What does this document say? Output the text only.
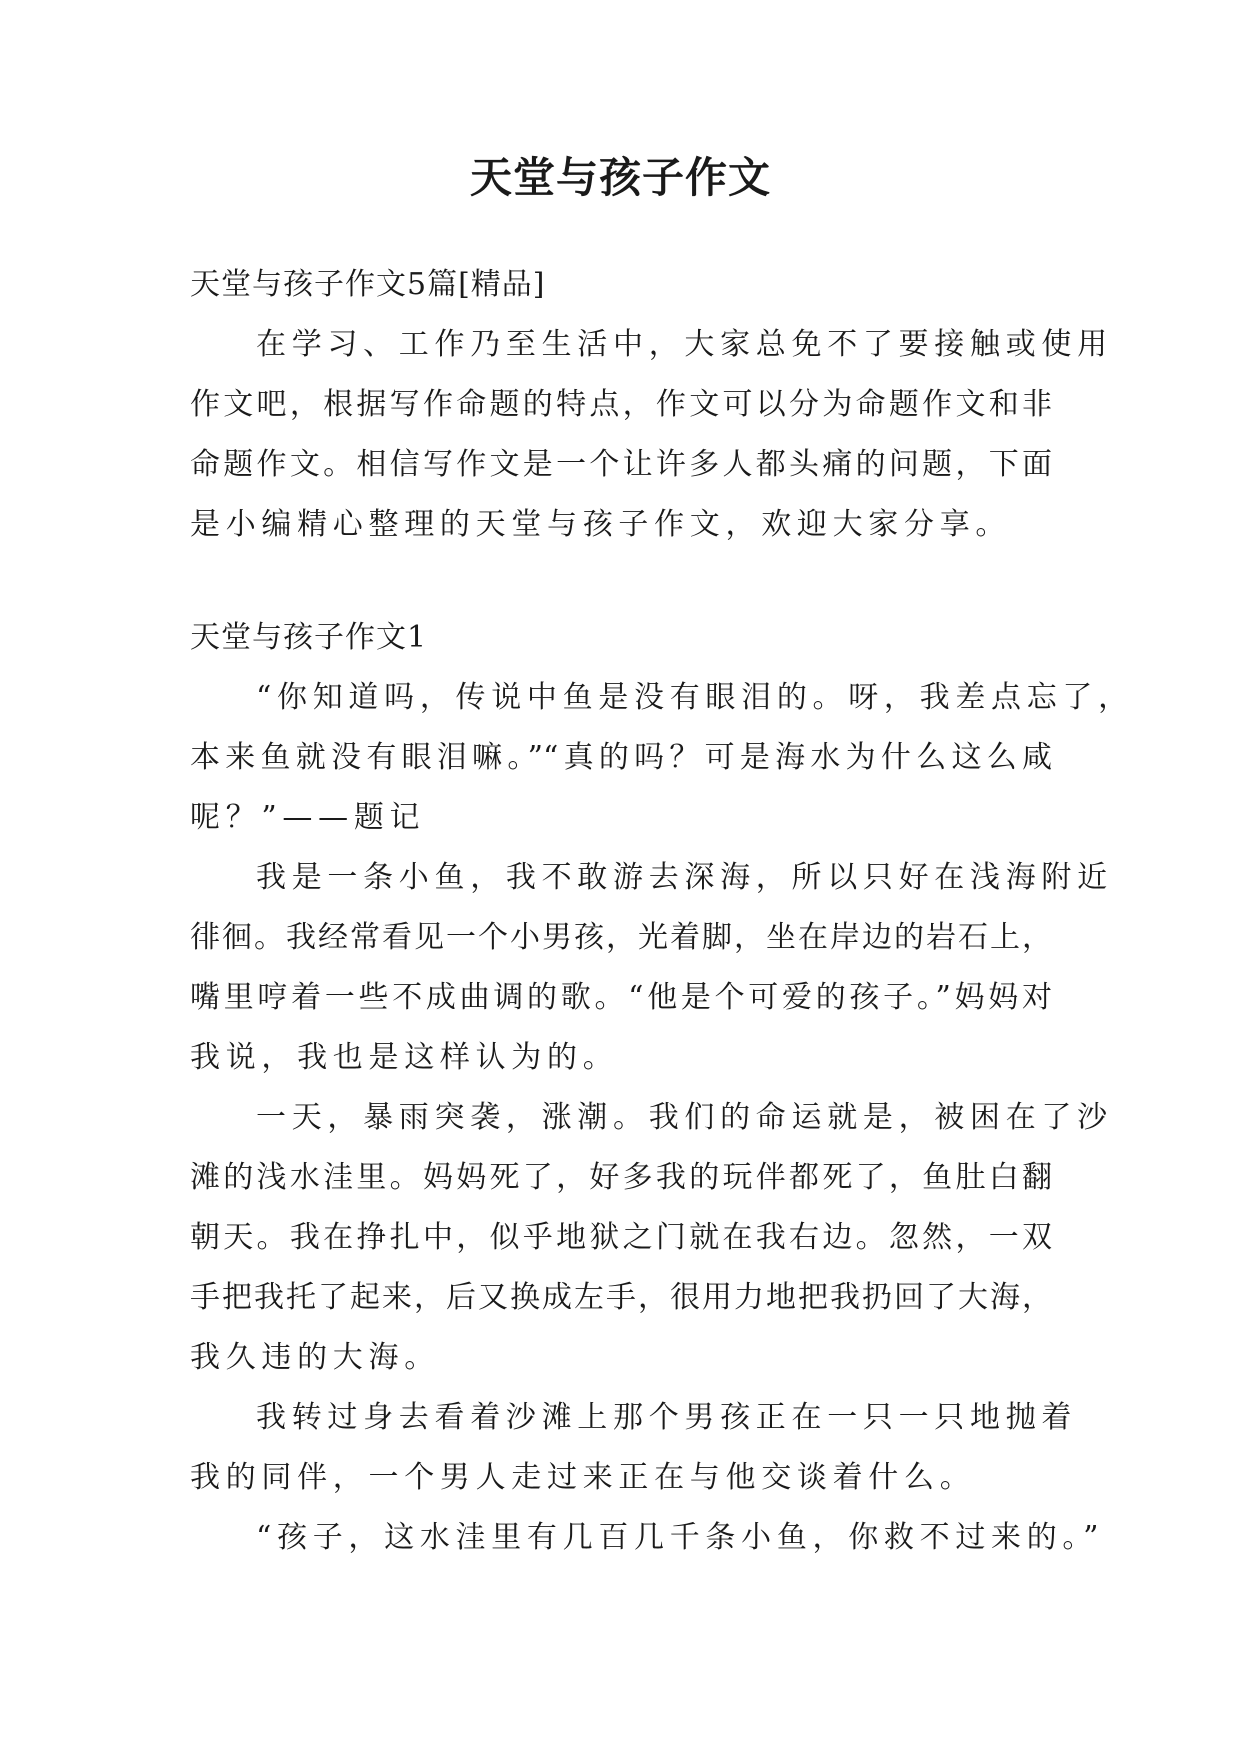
天堂与孩子作文

天堂与孩子作文5篇[精品]

在学习、工作乃至生活中，大家总免不了要接触或使用

作文吧，根据写作命题的特点，作文可以分为命题作文和非

命题作文。相信写作文是一个让许多人都头痛的问题，下面

是小编精心整理的天堂与孩子作文，欢迎大家分享。

天堂与孩子作文1

“你知道吗，传说中鱼是没有眼泪的。呀，我差点忘了，

本来鱼就没有眼泪嘛。”“真的吗？可是海水为什么这么咸

呢？”——题记

我是一条小鱼，我不敢游去深海，所以只好在浅海附近

徘徊。我经常看见一个小男孩，光着脚，坐在岸边的岩石上，

嘴里哼着一些不成曲调的歌。“他是个可爱的孩子。”妈妈对

我说，我也是这样认为的。

一天，暴雨突袭，涨潮。我们的命运就是，被困在了沙

滩的浅水洼里。妈妈死了，好多我的玩伴都死了，鱼肚白翻

朝天。我在挣扎中，似乎地狱之门就在我右边。忽然，一双

手把我托了起来，后又换成左手，很用力地把我扔回了大海，

我久违的大海。

我转过身去看着沙滩上那个男孩正在一只一只地抛着

我的同伴，一个男人走过来正在与他交谈着什么。

“孩子，这水洼里有几百几千条小鱼，你救不过来的。”
